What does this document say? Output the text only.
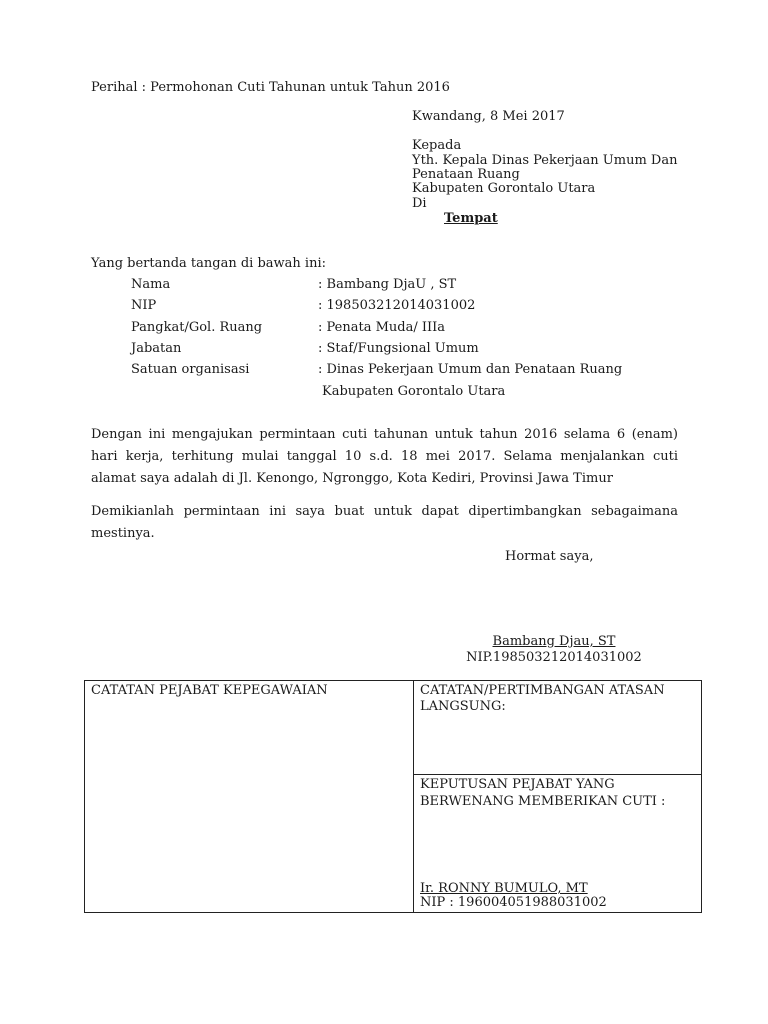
Perihal : Permohonan Cuti Tahunan untuk Tahun 2016
Kwandang, 8 Mei 2017
Kepada
Yth. Kepala Dinas Pekerjaan Umum Dan
Penataan Ruang
Kabupaten Gorontalo Utara
Di
Tempat
Yang bertanda tangan di bawah ini:
Nama	: Bambang DjaU , ST
NIP	: 198503212014031002
Pangkat/Gol. Ruang	: Penata Muda/ IIIa
Jabatan	: Staf/Fungsional Umum
Satuan organisasi	: Dinas Pekerjaan Umum dan Penataan Ruang
Kabupaten Gorontalo Utara
Dengan ini mengajukan permintaan cuti tahunan untuk tahun 2016 selama 6 (enam) hari kerja, terhitung mulai tanggal 10 s.d. 18 mei 2017. Selama menjalankan cuti alamat saya adalah di Jl. Kenongo, Ngronggo, Kota Kediri, Provinsi Jawa Timur
Demikianlah permintaan ini saya buat untuk dapat dipertimbangkan sebagaimana mestinya.
Hormat saya,
Bambang Djau, ST
NIP.198503212014031002
CATATAN PEJABAT KEPEGAWAIAN	CATATAN/PERTIMBANGAN ATASAN
LANGSUNG:
KEPUTUSAN PEJABAT YANG
BERWENANG MEMBERIKAN CUTI :
Ir. RONNY BUMULO, MT
NIP : 196004051988031002
